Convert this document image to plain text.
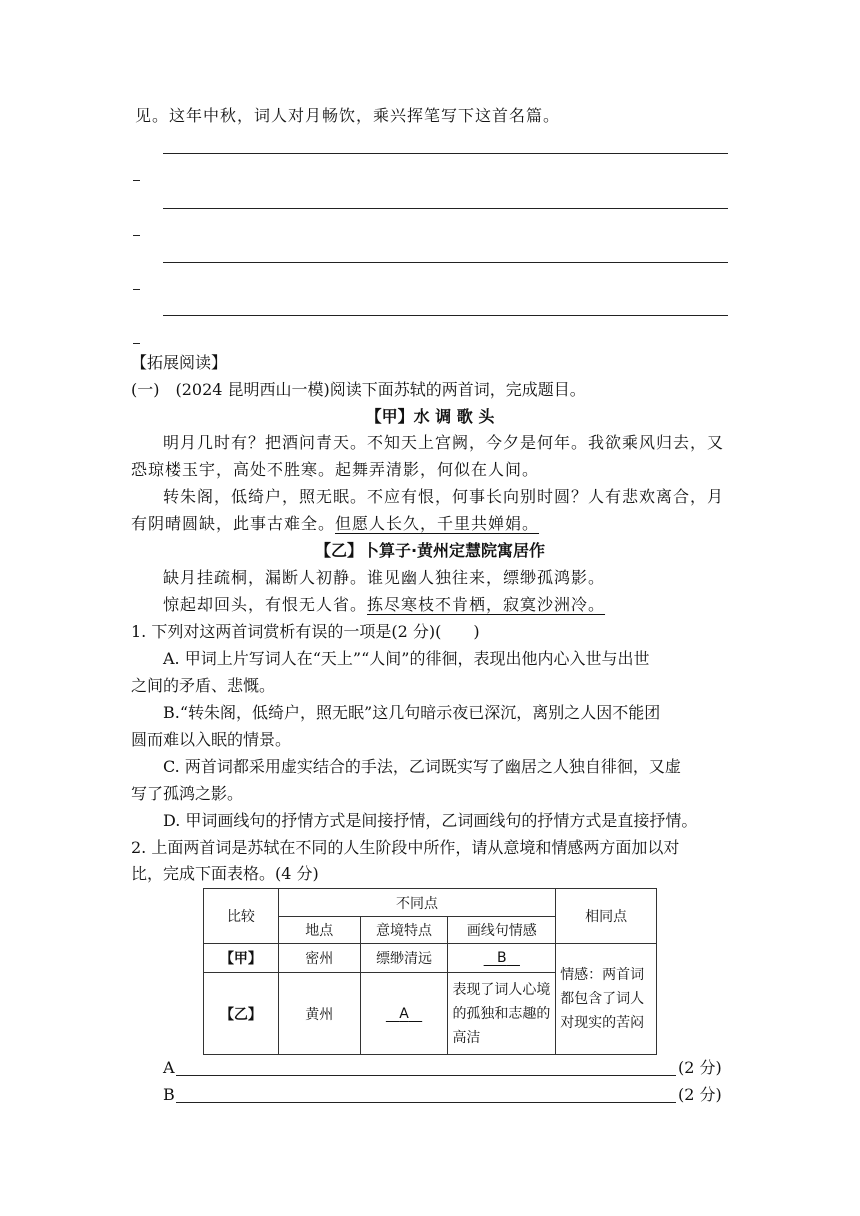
见。这年中秋，词人对月畅饮，乘兴挥笔写下这首名篇。
【拓展阅读】
(一)　(2024 昆明西山一模)阅读下面苏轼的两首词，完成题目。
【甲】水 调 歌 头
明月几时有？把酒问青天。不知天上宫阙，今夕是何年。我欲乘风归去，又
恐琼楼玉宇，高处不胜寒。起舞弄清影，何似在人间。
转朱阁，低绮户，照无眠。不应有恨，何事长向别时圆？人有悲欢离合，月
有阴晴圆缺，此事古难全。但愿人长久，千里共婵娟。
【乙】卜算子·黄州定慧院寓居作
缺月挂疏桐，漏断人初静。谁见幽人独往来，缥缈孤鸿影。
惊起却回头，有恨无人省。拣尽寒枝不肯栖，寂寞沙洲冷。
1. 下列对这两首词赏析有误的一项是(2 分)(　　)
A. 甲词上片写词人在“天上”“人间”的徘徊，表现出他内心入世与出世
之间的矛盾、悲慨。
B.“转朱阁，低绮户，照无眠”这几句暗示夜已深沉，离别之人因不能团
圆而难以入眠的情景。
C. 两首词都采用虚实结合的手法，乙词既实写了幽居之人独自徘徊，又虚
写了孤鸿之影。
D. 甲词画线句的抒情方式是间接抒情，乙词画线句的抒情方式是直接抒情。
2. 上面两首词是苏轼在不同的人生阶段中所作，请从意境和情感两方面加以对
比，完成下面表格。(4 分)
比较	不同点			相同点
	地点	意境特点	画线句情感	
【甲】	密州	缥缈清远	B	情感：两首词都包含了词人对现实的苦闷
【乙】	黄州	A	表现了词人心境的孤独和志趣的高洁	
A	(2 分)
B	(2 分)
